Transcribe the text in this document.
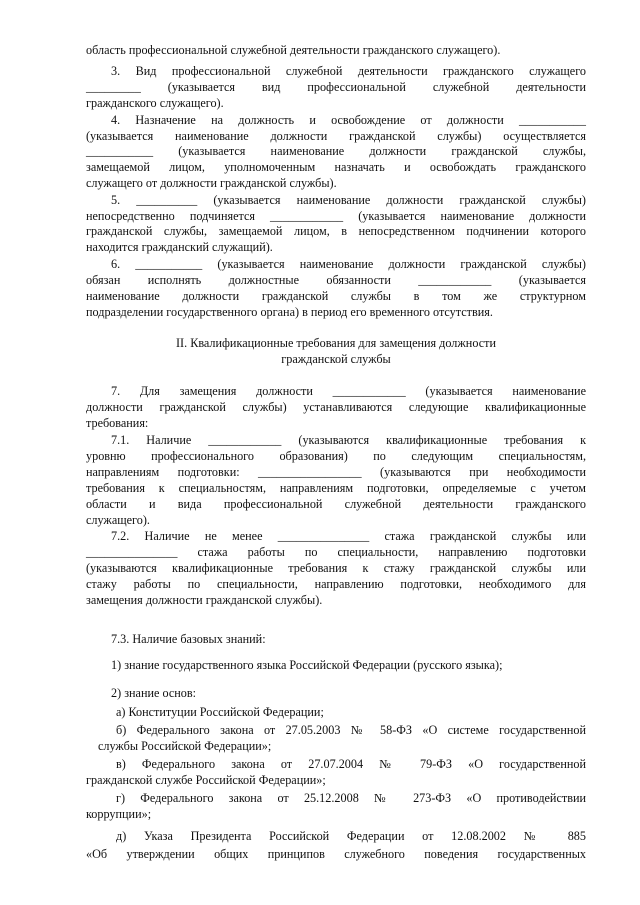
область профессиональной служебной деятельности гражданского служащего).
3. Вид профессиональной служебной деятельности гражданского служащего
_________ (указывается вид профессиональной служебной деятельности
гражданского служащего).
4. Назначение на должность и освобождение от должности ___________
(указывается наименование должности гражданской службы) осуществляется
___________ (указывается наименование должности гражданской службы,
замещаемой лицом, уполномоченным назначать и освобождать гражданского
служащего от должности гражданской службы).
5. __________ (указывается наименование должности гражданской службы)
непосредственно подчиняется ____________ (указывается наименование должности
гражданской службы, замещаемой лицом, в непосредственном подчинении которого
находится гражданский служащий).
6. ___________ (указывается наименование должности гражданской службы)
обязан исполнять должностные обязанности ____________ (указывается
наименование должности гражданской службы в том же структурном
подразделении государственного органа) в период его временного отсутствия.
II. Квалификационные требования для замещения должности
гражданской службы
7. Для замещения должности ____________ (указывается наименование
должности гражданской службы) устанавливаются следующие квалификационные
требования:
7.1. Наличие ____________ (указываются квалификационные требования к
уровню профессионального образования) по следующим специальностям,
направлениям подготовки: _________________ (указываются при необходимости
требования к специальностям, направлениям подготовки, определяемые с учетом
области и вида профессиональной служебной деятельности гражданского
служащего).
7.2. Наличие не менее _______________ стажа гражданской службы или
_______________ стажа работы по специальности, направлению подготовки
(указываются квалификационные требования к стажу гражданской службы или
стажу работы по специальности, направлению подготовки, необходимого для
замещения должности гражданской службы).
7.3. Наличие базовых знаний:
1) знание государственного языка Российской Федерации (русского языка);
2) знание основ:
а) Конституции Российской Федерации;
б) Федерального закона от 27.05.2003 № 58-ФЗ «О системе государственной
службы Российской Федерации»;
в) Федерального закона от 27.07.2004 № 79-ФЗ «О государственной
гражданской службе Российской Федерации»;
г) Федерального закона от 25.12.2008 № 273-ФЗ «О противодействии
коррупции»;
д) Указа Президента Российской Федерации от 12.08.2002 № 885
«Об утверждении общих принципов служебного поведения государственных
